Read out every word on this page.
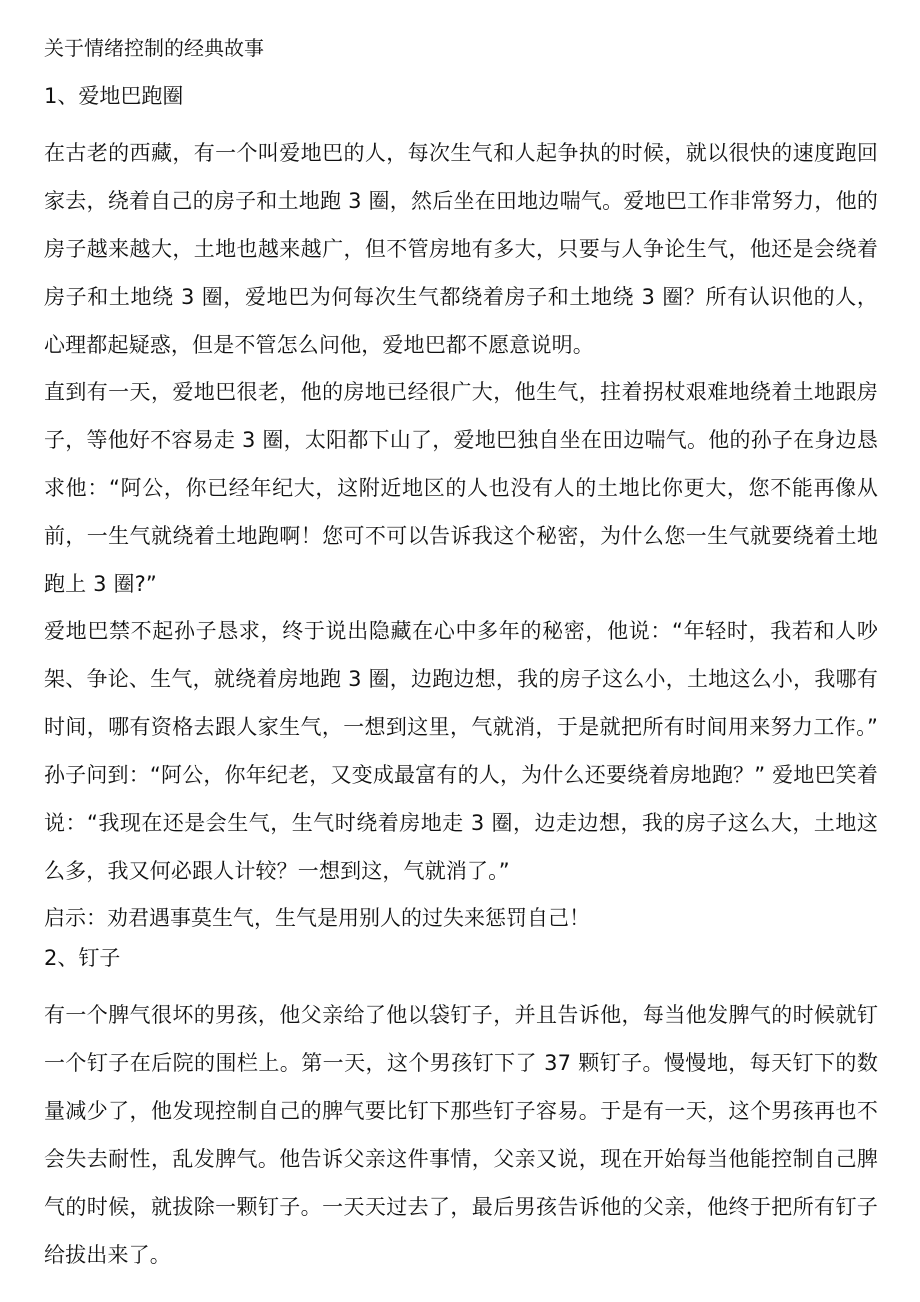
关于情绪控制的经典故事
1、爱地巴跑圈

在古老的西藏，有一个叫爱地巴的人，每次生气和人起争执的时候，就以很快的速度跑回家去，绕着自己的房子和土地跑 3 圈，然后坐在田地边喘气。爱地巴工作非常努力，他的房子越来越大，土地也越来越广，但不管房地有多大，只要与人争论生气，他还是会绕着房子和土地绕 3 圈，爱地巴为何每次生气都绕着房子和土地绕 3 圈？所有认识他的人，心理都起疑惑，但是不管怎么问他，爱地巴都不愿意说明。

直到有一天，爱地巴很老，他的房地已经很广大，他生气，拄着拐杖艰难地绕着土地跟房子，等他好不容易走 3 圈，太阳都下山了，爱地巴独自坐在田边喘气。他的孙子在身边恳求他：“阿公，你已经年纪大，这附近地区的人也没有人的土地比你更大，您不能再像从前，一生气就绕着土地跑啊！您可不可以告诉我这个秘密，为什么您一生气就要绕着土地跑上 3 圈?”

爱地巴禁不起孙子恳求，终于说出隐藏在心中多年的秘密，他说：“年轻时，我若和人吵架、争论、生气，就绕着房地跑 3 圈，边跑边想，我的房子这么小，土地这么小，我哪有时间，哪有资格去跟人家生气，一想到这里，气就消，于是就把所有时间用来努力工作。” 孙子问到：“阿公，你年纪老，又变成最富有的人，为什么还要绕着房地跑？” 爱地巴笑着说：“我现在还是会生气，生气时绕着房地走 3 圈，边走边想，我的房子这么大，土地这么多，我又何必跟人计较？一想到这，气就消了。”

启示：劝君遇事莫生气，生气是用别人的过失来惩罚自己！

2、钉子

有一个脾气很坏的男孩，他父亲给了他以袋钉子，并且告诉他，每当他发脾气的时候就钉一个钉子在后院的围栏上。第一天，这个男孩钉下了 37 颗钉子。慢慢地，每天钉下的数量减少了，他发现控制自己的脾气要比钉下那些钉子容易。于是有一天，这个男孩再也不会失去耐性，乱发脾气。他告诉父亲这件事情，父亲又说，现在开始每当他能控制自己脾气的时候，就拔除一颗钉子。一天天过去了，最后男孩告诉他的父亲，他终于把所有钉子给拔出来了。
